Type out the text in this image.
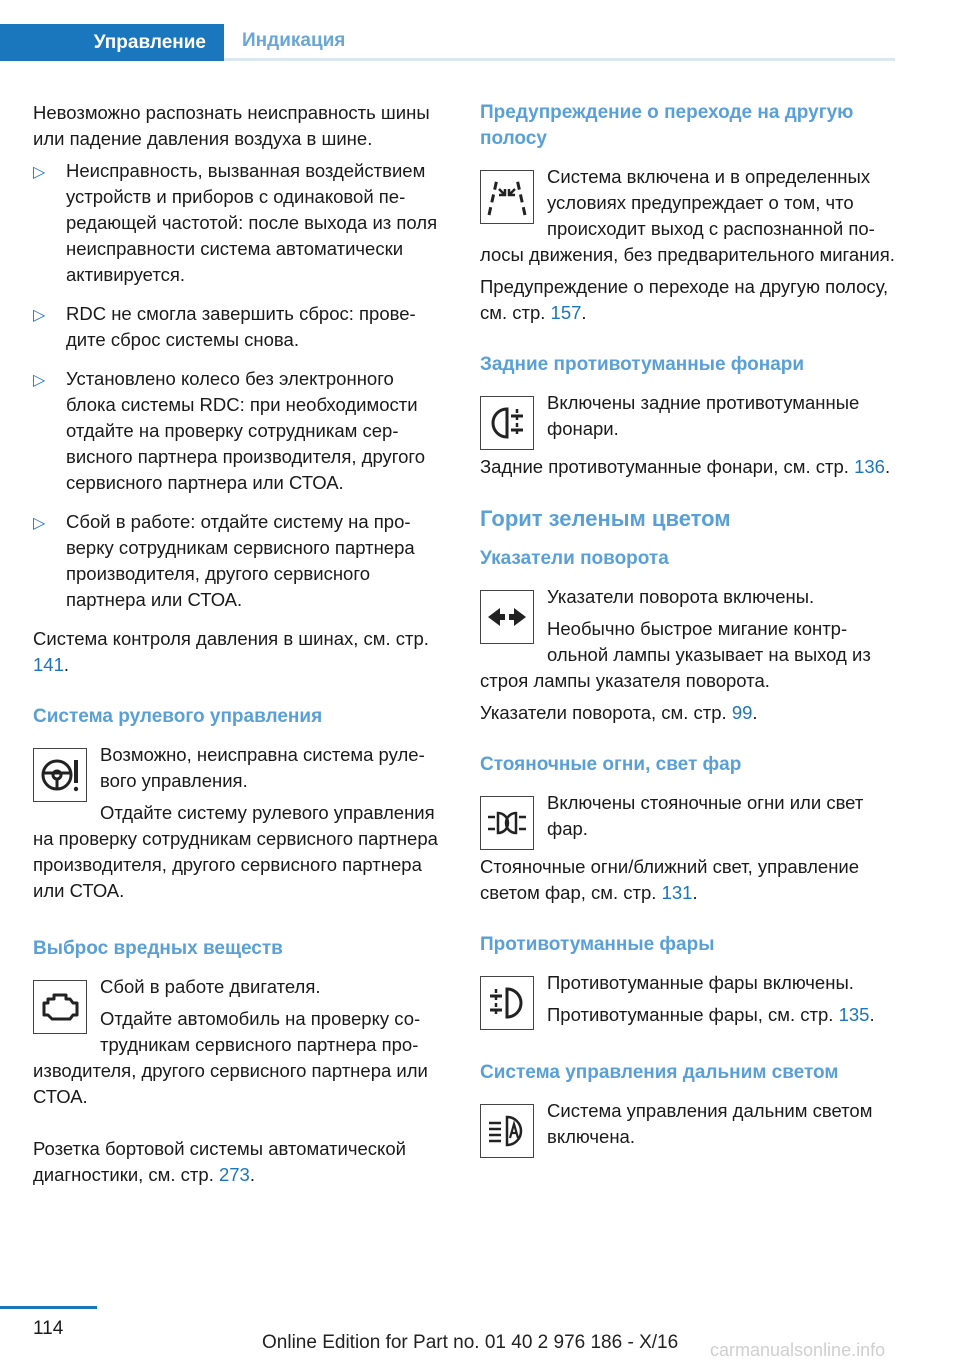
Управление	Индикация

Невозможно распознать неисправность шины или падение давления воздуха в шине.

▷ Неисправность, вызванная воздействием устройств и приборов с одинаковой передающей частотой: после выхода из поля неисправности система автоматически активируется.
▷ RDC не смогла завершить сброс: проведите сброс системы снова.
▷ Установлено колесо без электронного блока системы RDC: при необходимости отдайте на проверку сотрудникам сервисного партнера производителя, другого сервисного партнера или СТОА.
▷ Сбой в работе: отдайте систему на проверку сотрудникам сервисного партнера производителя, другого сервисного партнера или СТОА.

Система контроля давления в шинах, см. стр. 141.

Система рулевого управления

Возможно, неисправна система рулевого управления.

Отдайте систему рулевого управления на проверку сотрудникам сервисного партнера производителя, другого сервисного партнера или СТОА.

Выброс вредных веществ

Сбой в работе двигателя.

Отдайте автомобиль на проверку сотрудникам сервисного партнера производителя, другого сервисного партнера или СТОА.

Розетка бортовой системы автоматической диагностики, см. стр. 273.

Предупреждение о переходе на другую полосу

Система включена и в определенных условиях предупреждает о том, что происходит выход с распознанной полосы движения, без предварительного мигания.

Предупреждение о переходе на другую полосу, см. стр. 157.

Задние противотуманные фонари

Включены задние противотуманные фонари.

Задние противотуманные фонари, см. стр. 136.

Горит зеленым цветом
Указатели поворота

Указатели поворота включены.

Необычно быстрое мигание контрольной лампы указывает на выход из строя лампы указателя поворота.

Указатели поворота, см. стр. 99.

Стояночные огни, свет фар

Включены стояночные огни или свет фар.

Стояночные огни/ближний свет, управление светом фар, см. стр. 131.

Противотуманные фары

Противотуманные фары включены.

Противотуманные фары, см. стр. 135.

Система управления дальним светом

Система управления дальним светом включена.

114
Online Edition for Part no. 01 40 2 976 186 - X/16 carmanualsonline.info
